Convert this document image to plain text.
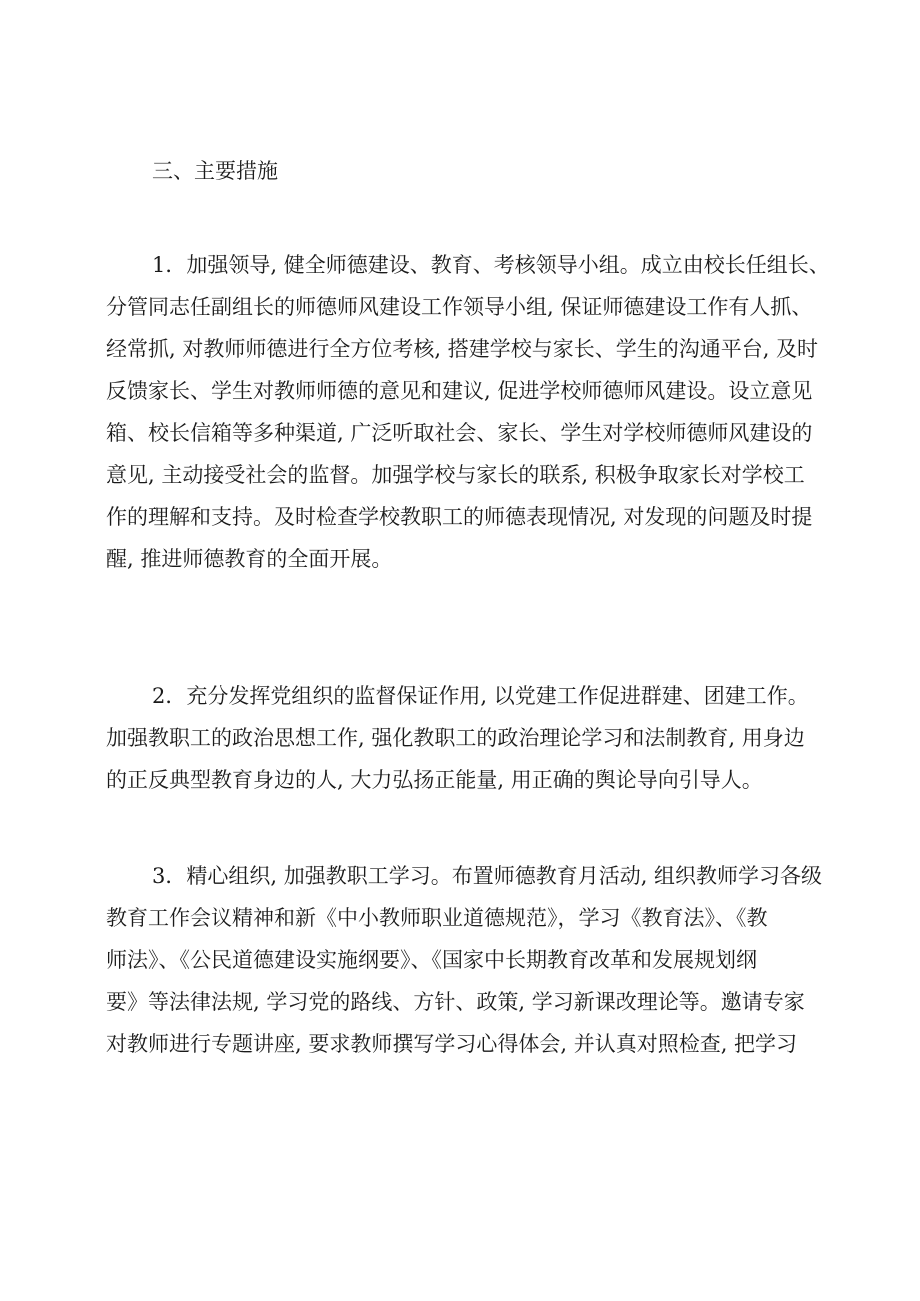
三、主要措施

1．加强领导, 健全师德建设、教育、考核领导小组。成立由校长任组长、
分管同志任副组长的师德师风建设工作领导小组, 保证师德建设工作有人抓、
经常抓, 对教师师德进行全方位考核, 搭建学校与家长、学生的沟通平台, 及时
反馈家长、学生对教师师德的意见和建议, 促进学校师德师风建设。设立意见
箱、校长信箱等多种渠道, 广泛听取社会、家长、学生对学校师德师风建设的
意见, 主动接受社会的监督。加强学校与家长的联系, 积极争取家长对学校工
作的理解和支持。及时检查学校教职工的师德表现情况, 对发现的问题及时提
醒, 推进师德教育的全面开展。
2．充分发挥党组织的监督保证作用, 以党建工作促进群建、团建工作。
加强教职工的政治思想工作, 强化教职工的政治理论学习和法制教育, 用身边
的正反典型教育身边的人, 大力弘扬正能量, 用正确的舆论导向引导人。
3．精心组织, 加强教职工学习。布置师德教育月活动, 组织教师学习各级
教育工作会议精神和新《中小教师职业道德规范》，学习《教育法》、《教
师法》、《公民道德建设实施纲要》、《国家中长期教育改革和发展规划纲
要》等法律法规, 学习党的路线、方针、政策, 学习新课改理论等。邀请专家
对教师进行专题讲座, 要求教师撰写学习心得体会, 并认真对照检查, 把学习
